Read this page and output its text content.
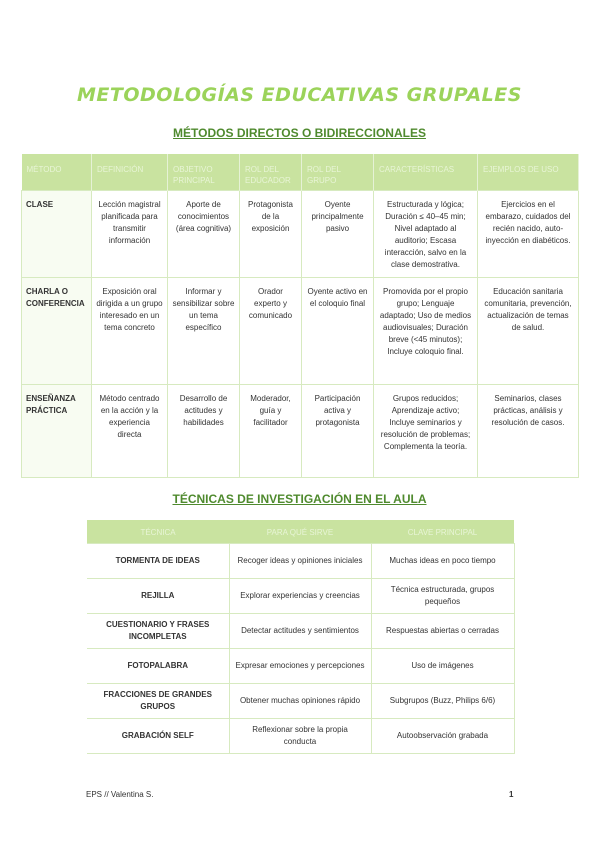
METODOLOGÍAS EDUCATIVAS GRUPALES
MÉTODOS DIRECTOS O BIDIRECCIONALES
MÉTODO	DEFINICIÓN	OBJETIVO PRINCIPAL	ROL DEL EDUCADOR	ROL DEL GRUPO	CARACTERÍSTICAS	EJEMPLOS DE USO
CLASE	Lección magistral planificada para transmitir información	Aporte de conocimientos (área cognitiva)	Protagonista de la exposición	Oyente principalmente pasivo	Estructurada y lógica; Duración ≤ 40–45 min; Nivel adaptado al auditorio; Escasa interacción, salvo en la clase demostrativa.	Ejercicios en el embarazo, cuidados del recién nacido, auto-inyección en diabéticos.
CHARLA O CONFERENCIA	Exposición oral dirigida a un grupo interesado en un tema concreto	Informar y sensibilizar sobre un tema específico	Orador experto y comunicado	Oyente activo en el coloquio final	Promovida por el propio grupo; Lenguaje adaptado; Uso de medios audiovisuales; Duración breve (<45 minutos); Incluye coloquio final.	Educación sanitaria comunitaria, prevención, actualización de temas de salud.
ENSEÑANZA PRÁCTICA	Método centrado en la acción y la experiencia directa	Desarrollo de actitudes y habilidades	Moderador, guía y facilitador	Participación activa y protagonista	Grupos reducidos; Aprendizaje activo; Incluye seminarios y resolución de problemas; Complementa la teoría.	Seminarios, clases prácticas, análisis y resolución de casos.
TÉCNICAS DE INVESTIGACIÓN EN EL AULA
TÉCNICA	PARA QUÉ SIRVE	CLAVE PRINCIPAL
TORMENTA DE IDEAS	Recoger ideas y opiniones iniciales	Muchas ideas en poco tiempo
REJILLA	Explorar experiencias y creencias	Técnica estructurada, grupos pequeños
CUESTIONARIO Y FRASES INCOMPLETAS	Detectar actitudes y sentimientos	Respuestas abiertas o cerradas
FOTOPALABRA	Expresar emociones y percepciones	Uso de imágenes
FRACCIONES DE GRANDES GRUPOS	Obtener muchas opiniones rápido	Subgrupos (Buzz, Philips 6/6)
GRABACIÓN SELF	Reflexionar sobre la propia conducta	Autoobservación grabada
EPS // Valentina S.	1
